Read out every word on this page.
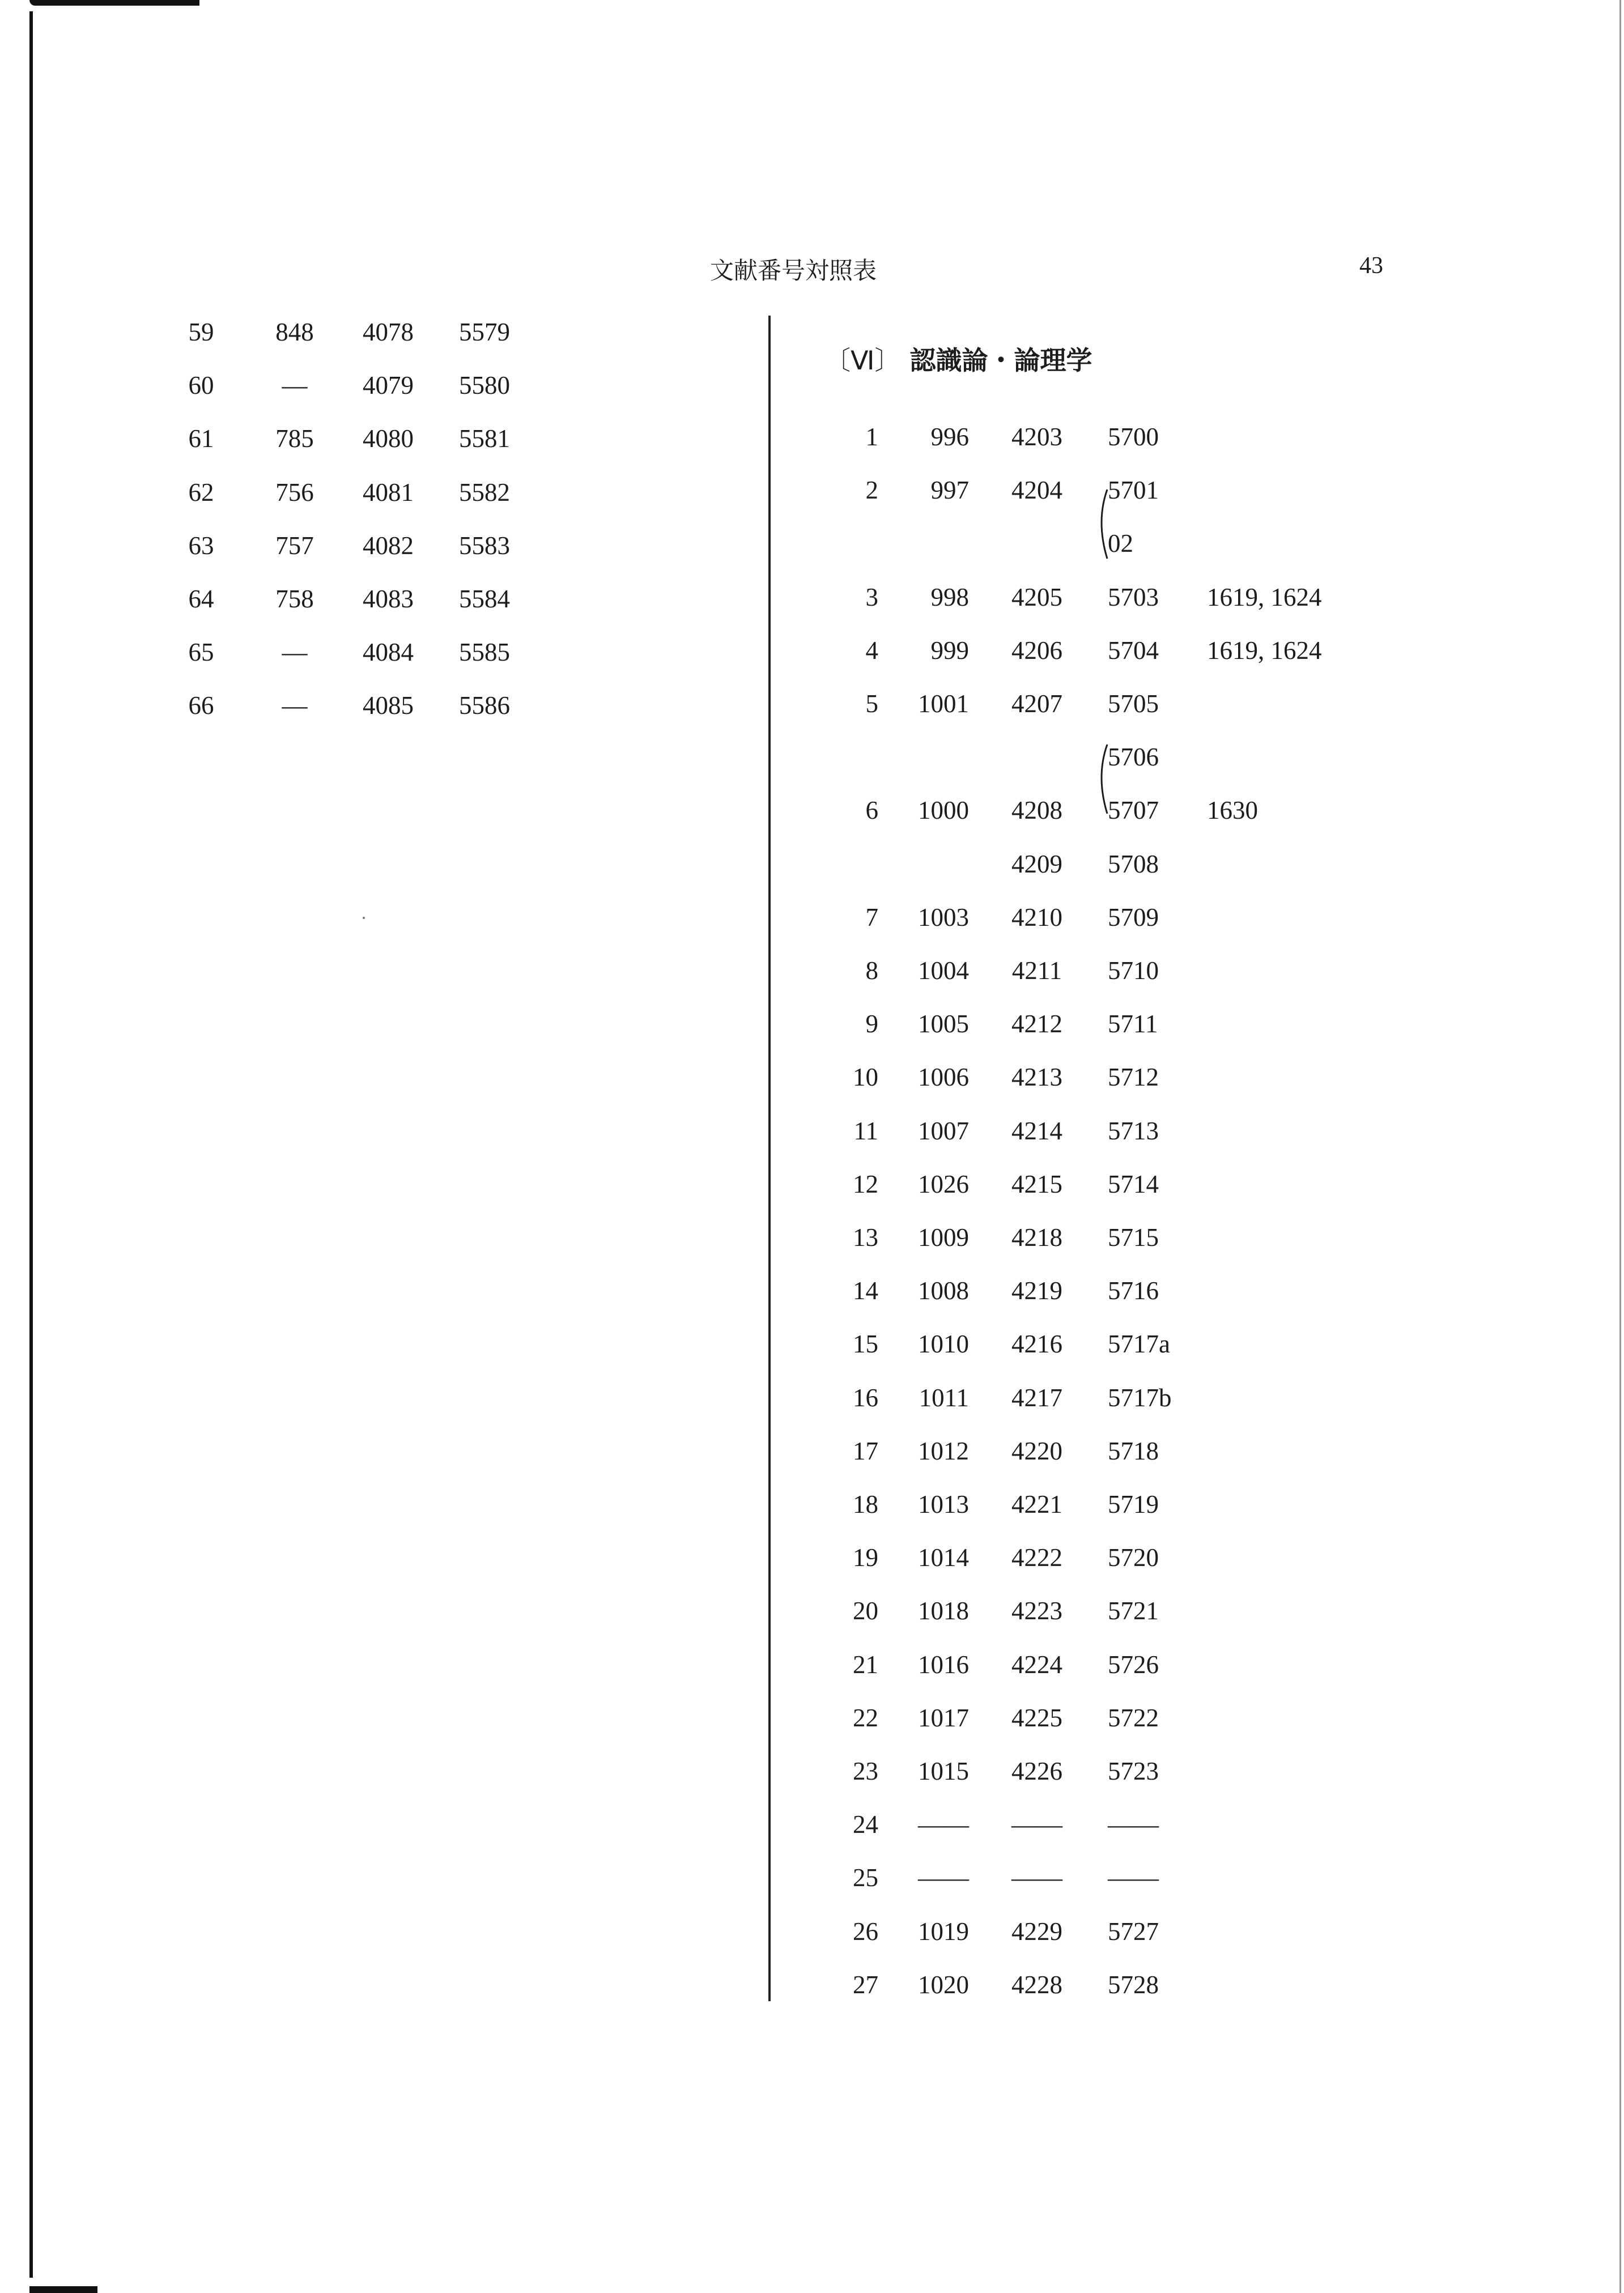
文献番号対照表	43
〔Ⅵ〕 認識論・論理学
59	848	4078 5579
60	—	4079 5580
61	785	4080 5581
62	756	4081 5582
63	757	4082 5583
64	758	4083 5584
65	—	4084 5585
66	—	4085 5586
1	996 4203 5700
2	997 4204 5701
02
3	998 4205 5703	1619, 1624
4	999 4206 5704	1619, 1624
5	1001 4207 5705
5706
6	1000 4208 5707	1630
4209 5708
7	1003 4210 5709
8	1004 4211 5710
9	1005 4212 5711
10	1006 4213 5712
11	1007 4214 5713
12	1026 4215 5714
13	1009 4218 5715
14	1008 4219 5716
15	1010 4216 5717a
16	1011 4217 5717b
17	1012 4220 5718
18	1013 4221 5719
19	1014 4222 5720
20	1018 4223 5721
21	1016 4224 5726
22	1017 4225 5722
23	1015 4226 5723
24	—— —— ——
25	—— —— ——
26	1019 4229 5727
27	1020 4228 5728
